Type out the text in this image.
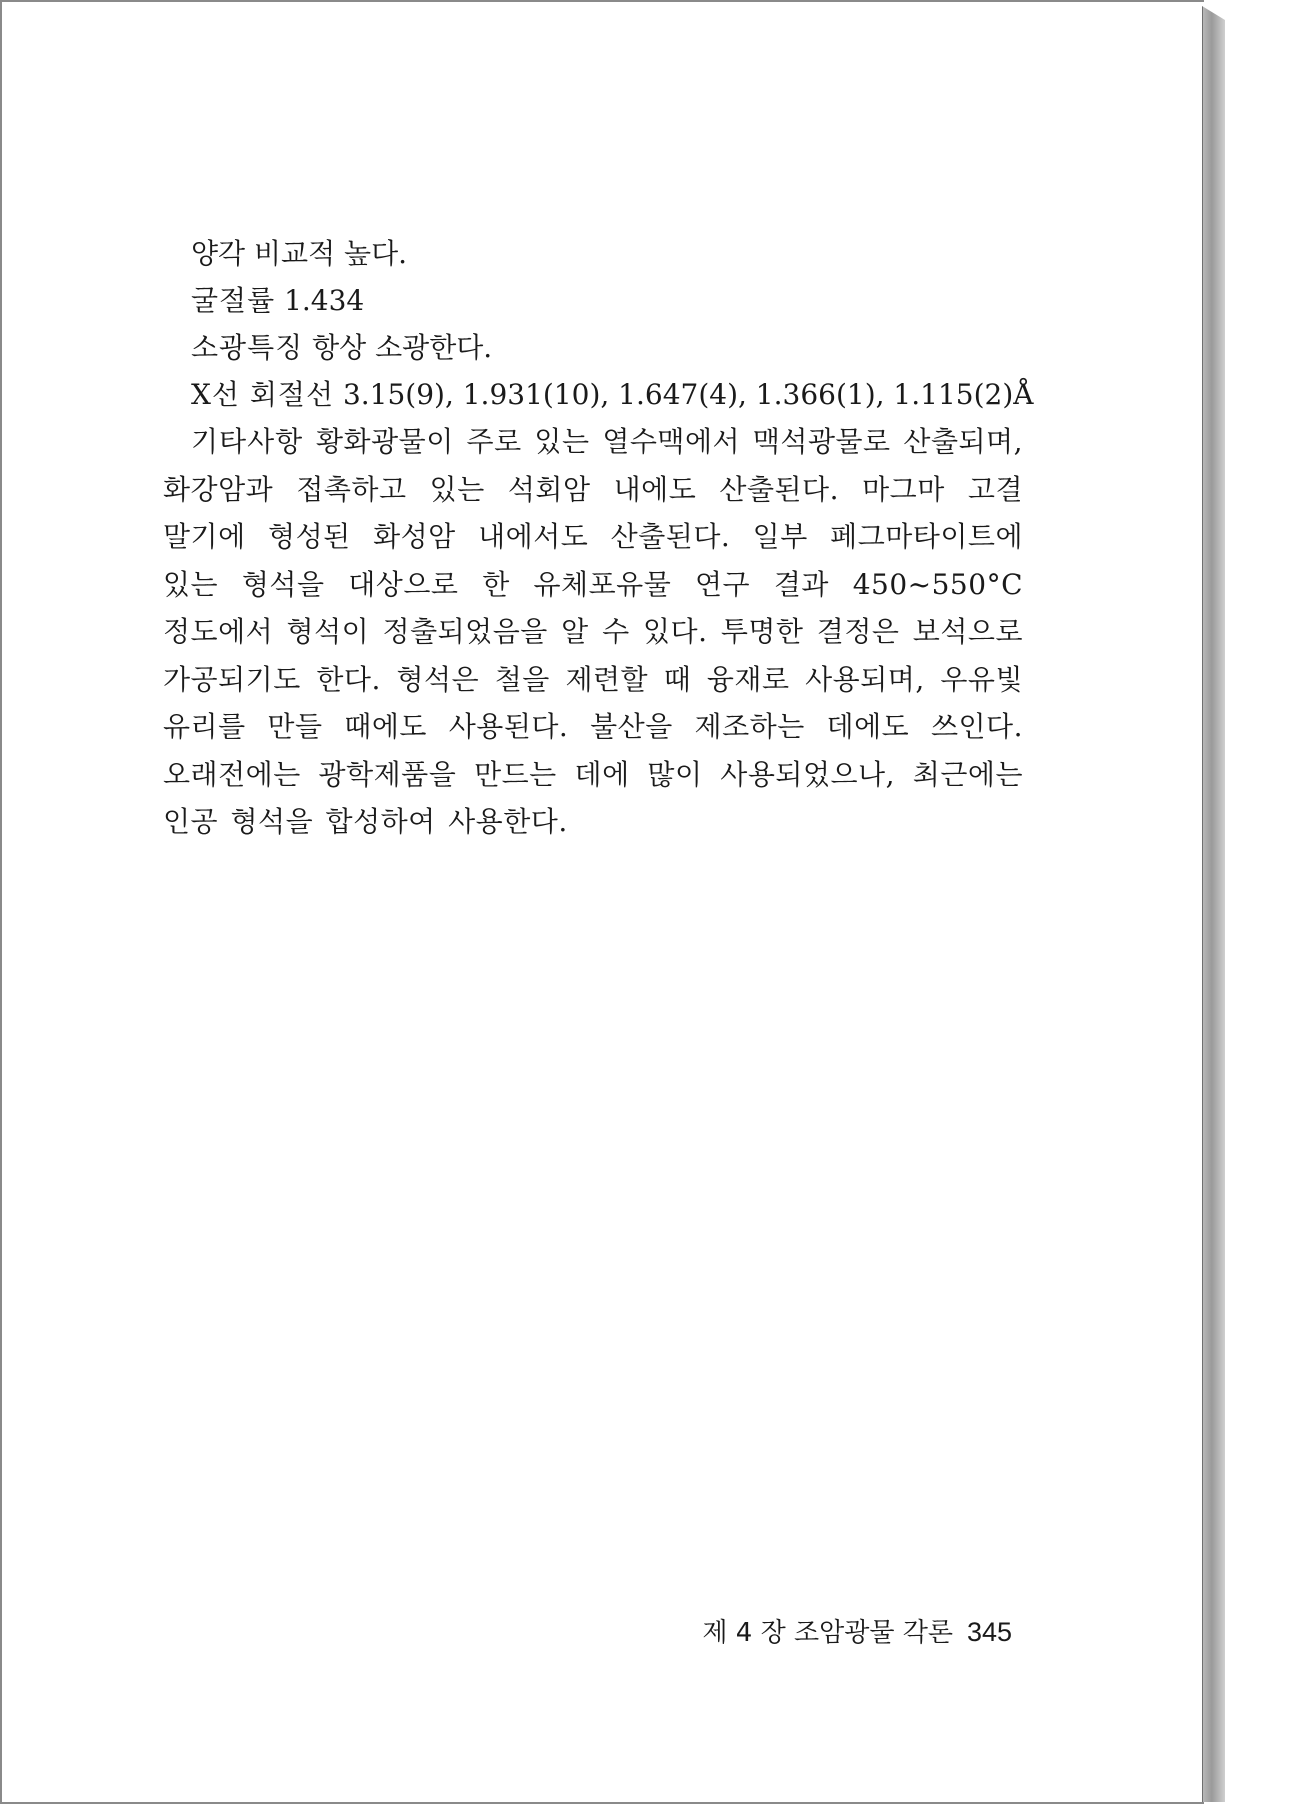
양각 비교적 높다.
굴절률 1.434
소광특징 항상 소광한다.
X선 회절선 3.15(9), 1.931(10), 1.647(4), 1.366(1), 1.115(2)Å
기타사항 황화광물이 주로 있는 열수맥에서 맥석광물로 산출되며, 화강암과 접촉하고 있는 석회암 내에도 산출된다. 마그마 고결 말기에 형성된 화성암 내에서도 산출된다. 일부 페그마타이트에 있는 형석을 대상으로 한 유체포유물 연구 결과 450~550°C 정도에서 형석이 정출되었음을 알 수 있다. 투명한 결정은 보석으로 가공되기도 한다. 형석은 철을 제련할 때 융재로 사용되며, 우유빛 유리를 만들 때에도 사용된다. 불산을 제조하는 데에도 쓰인다. 오래전에는 광학제품을 만드는 데에 많이 사용되었으나, 최근에는 인공 형석을 합성하여 사용한다.
제 4 장 조암광물 각론 345
